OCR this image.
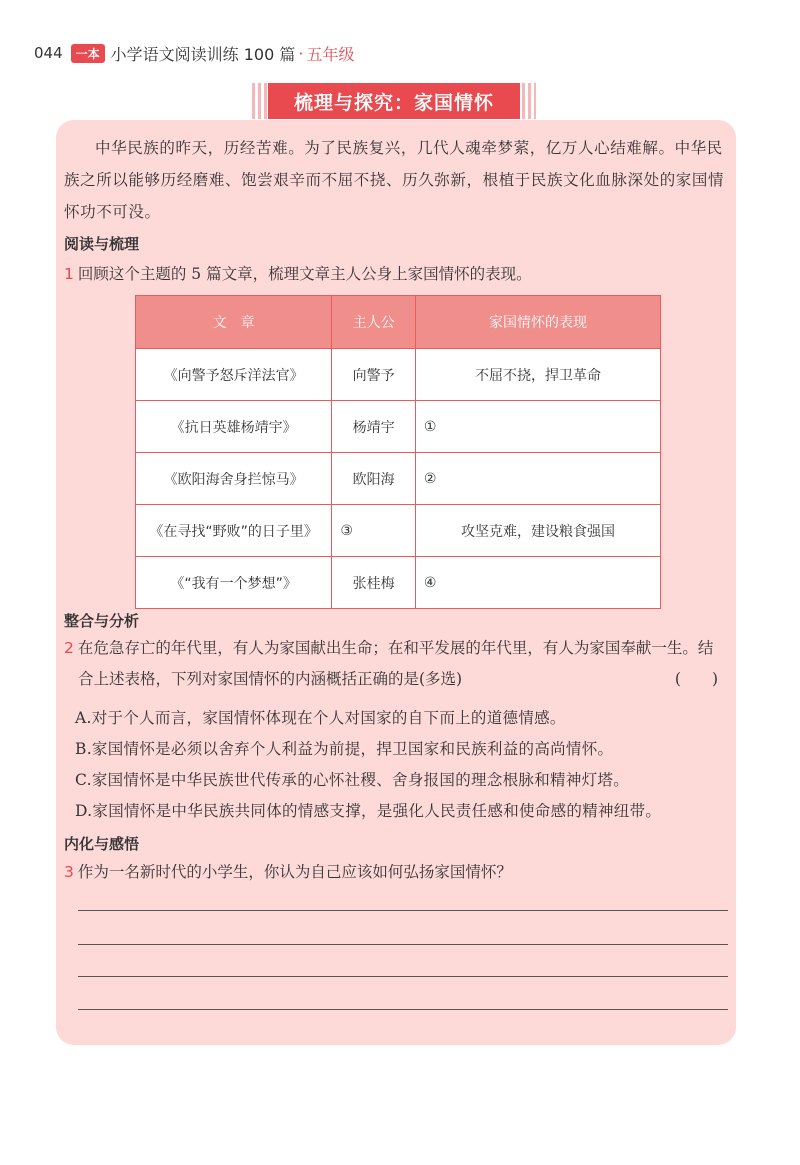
044	一本 小学语文阅读训练 100 篇 · 五年级
梳理与探究：家国情怀
中华民族的昨天，历经苦难。为了民族复兴，几代人魂牵梦萦，亿万人心结难解。中华民族之所以能够历经磨难、饱尝艰辛而不屈不挠、历久弥新，根植于民族文化血脉深处的家国情怀功不可没。
阅读与梳理
1 回顾这个主题的 5 篇文章，梳理文章主人公身上家国情怀的表现。
文　章	主人公	家国情怀的表现
《向警予怒斥洋法官》	向警予	不屈不挠，捍卫革命
《抗日英雄杨靖宇》	杨靖宇	①
《欧阳海舍身拦惊马》	欧阳海	②
《在寻找“野败”的日子里》	③	攻坚克难，建设粮食强国
《“我有一个梦想”》	张桂梅	④
整合与分析
2 在危急存亡的年代里，有人为家国献出生命；在和平发展的年代里，有人为家国奉献一生。结
合上述表格，下列对家国情怀的内涵概括正确的是(多选)	(　　)
A.对于个人而言，家国情怀体现在个人对国家的自下而上的道德情感。
B.家国情怀是必须以舍弃个人利益为前提，捍卫国家和民族利益的高尚情怀。
C.家国情怀是中华民族世代传承的心怀社稷、舍身报国的理念根脉和精神灯塔。
D.家国情怀是中华民族共同体的情感支撑，是强化人民责任感和使命感的精神纽带。
内化与感悟
3 作为一名新时代的小学生，你认为自己应该如何弘扬家国情怀？
